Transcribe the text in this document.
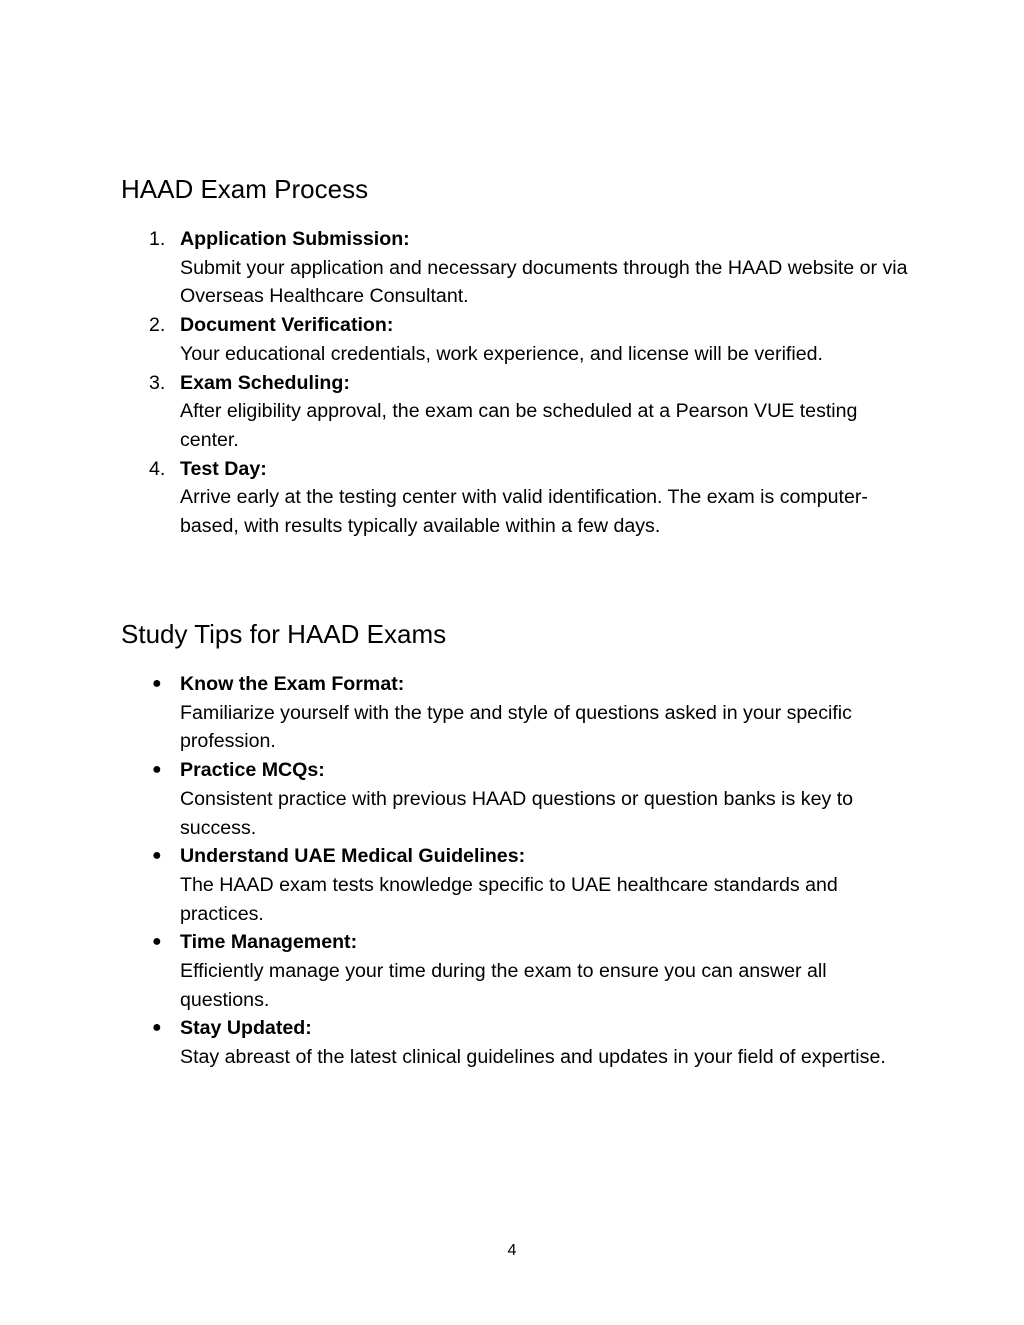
HAAD Exam Process
1. Application Submission:
Submit your application and necessary documents through the HAAD website or via Overseas Healthcare Consultant.
2. Document Verification:
Your educational credentials, work experience, and license will be verified.
3. Exam Scheduling:
After eligibility approval, the exam can be scheduled at a Pearson VUE testing center.
4. Test Day:
Arrive early at the testing center with valid identification. The exam is computer-based, with results typically available within a few days.
Study Tips for HAAD Exams
● Know the Exam Format:
Familiarize yourself with the type and style of questions asked in your specific profession.
● Practice MCQs:
Consistent practice with previous HAAD questions or question banks is key to success.
● Understand UAE Medical Guidelines:
The HAAD exam tests knowledge specific to UAE healthcare standards and practices.
● Time Management:
Efficiently manage your time during the exam to ensure you can answer all questions.
● Stay Updated:
Stay abreast of the latest clinical guidelines and updates in your field of expertise.
4
